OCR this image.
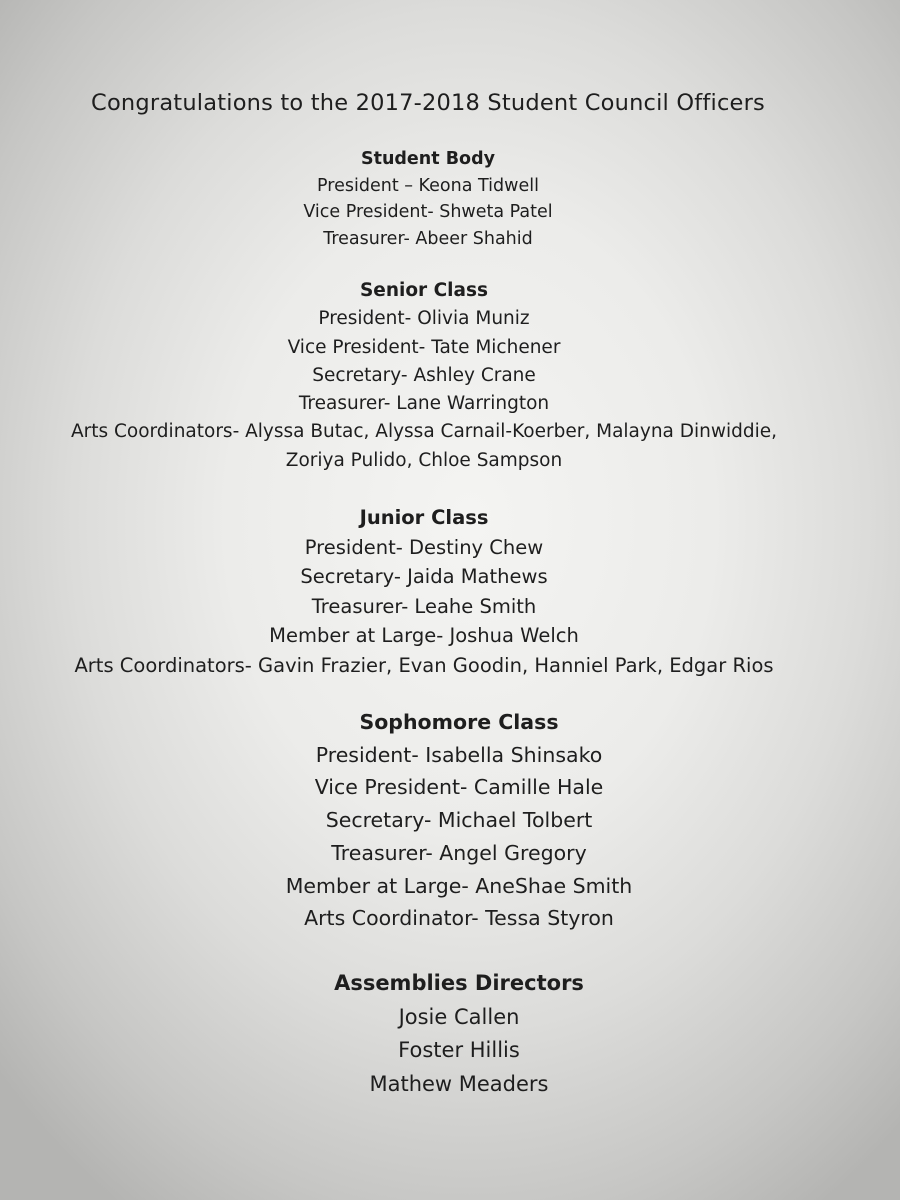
Congratulations to the 2017-2018 Student Council Officers
Student Body
President – Keona Tidwell
Vice President- Shweta Patel
Treasurer- Abeer Shahid
Senior Class
President- Olivia Muniz
Vice President- Tate Michener
Secretary- Ashley Crane
Treasurer- Lane Warrington
Arts Coordinators- Alyssa Butac, Alyssa Carnail-Koerber, Malayna Dinwiddie,
Zoriya Pulido, Chloe Sampson
Junior Class
President- Destiny Chew
Secretary- Jaida Mathews
Treasurer- Leahe Smith
Member at Large- Joshua Welch
Arts Coordinators- Gavin Frazier, Evan Goodin, Hanniel Park, Edgar Rios
Sophomore Class
President- Isabella Shinsako
Vice President- Camille Hale
Secretary- Michael Tolbert
Treasurer- Angel Gregory
Member at Large- AneShae Smith
Arts Coordinator- Tessa Styron
Assemblies Directors
Josie Callen
Foster Hillis
Mathew Meaders
